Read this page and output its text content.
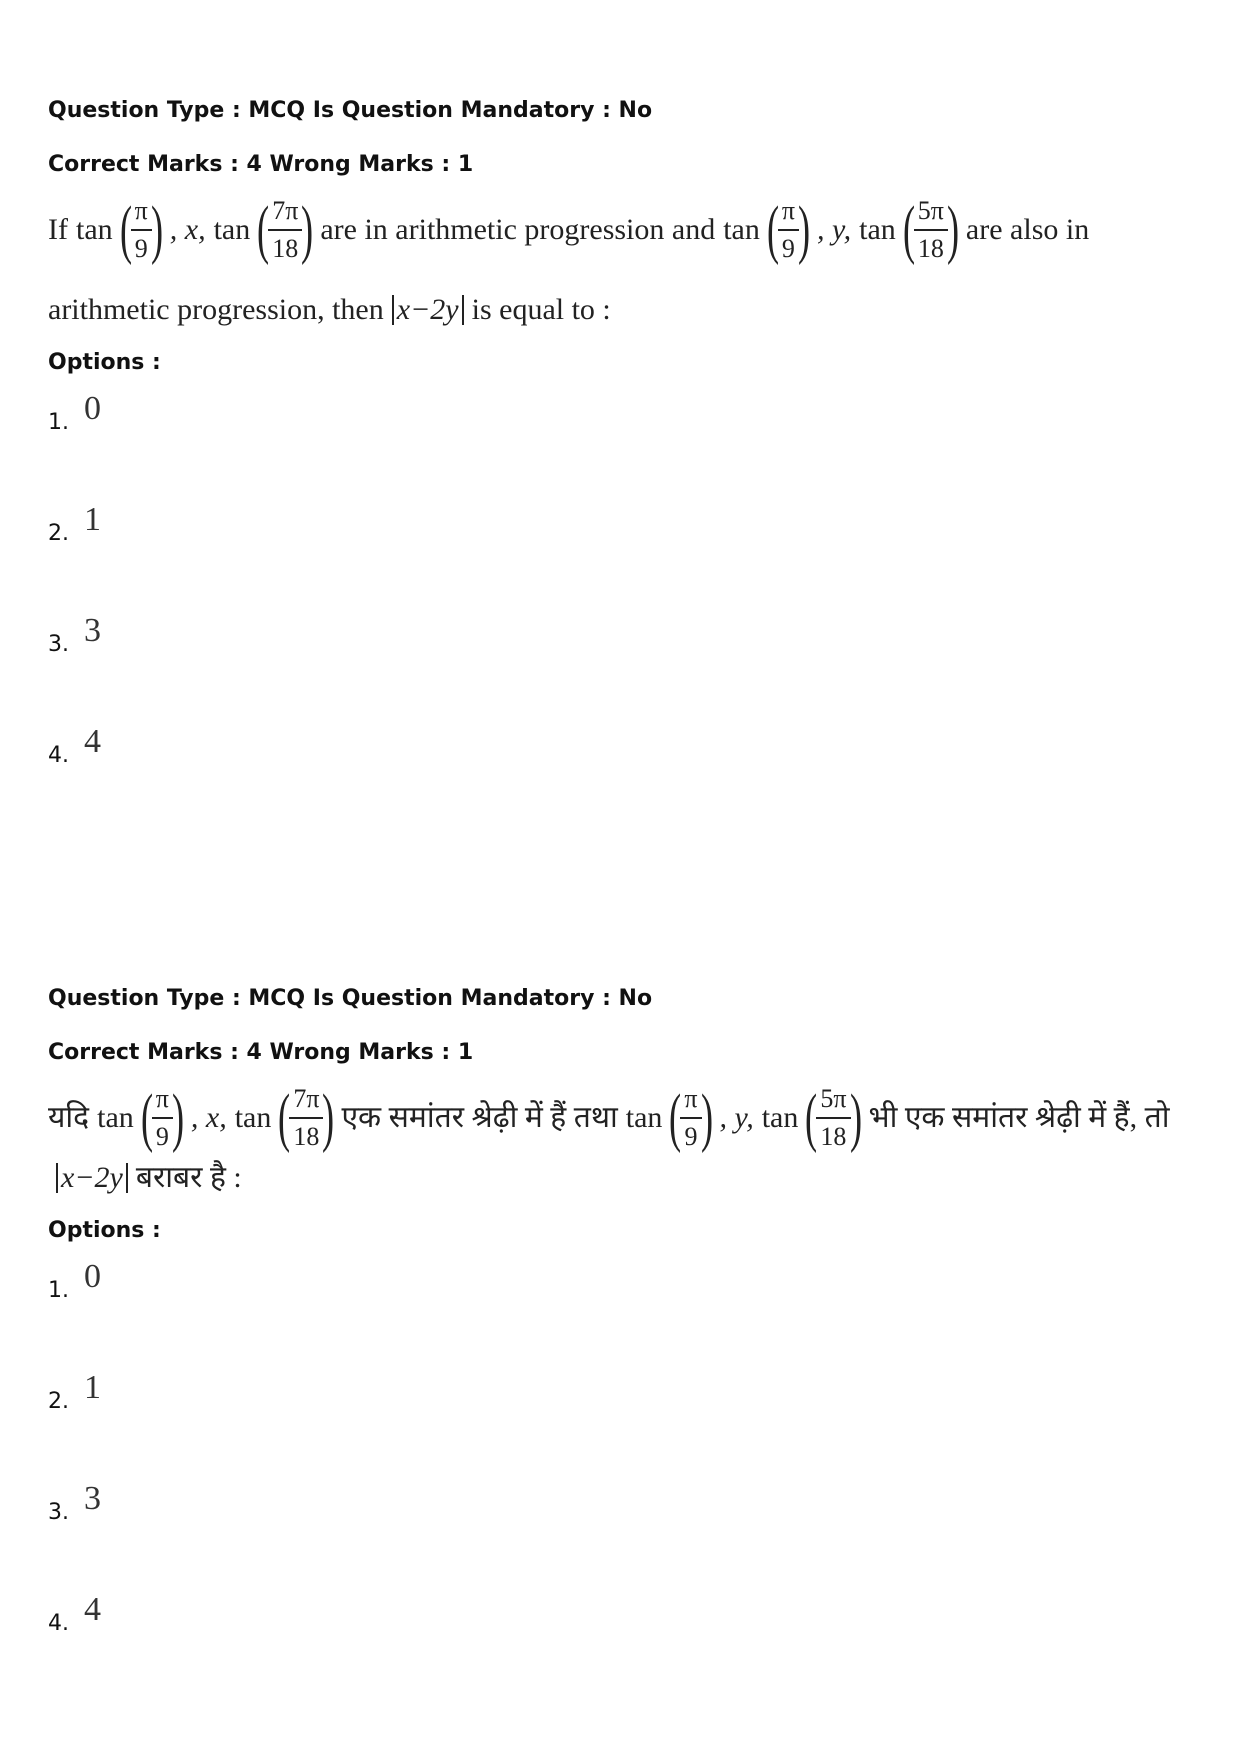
Question Type : MCQ Is Question Mandatory : No

Correct Marks : 4 Wrong Marks : 1

If tan (
$\frac{\pi}{9}$
) , x, tan (
$\frac{7\pi}{18}$
) are in arithmetic progression and tan (
$\frac{\pi}{9}$
) , y, tan (
$\frac{5\pi}{18}$
) are also in
arithmetic progression, then x−2y is equal to :
Options :
1. 0
2. 1
3. 3
4. 4

Question Type : MCQ Is Question Mandatory : No

Correct Marks : 4 Wrong Marks : 1

यदि tan (
$\frac{\pi}{9}$
) , x, tan (
$\frac{7\pi}{18}$
) एक समांतर श्रेढ़ी में हैं तथा tan (
$\frac{\pi}{9}$
) , y, tan (
$\frac{5\pi}{18}$
) भी एक समांतर श्रेढ़ी में हैं, तो
x−2y बराबर है :
Options :
1. 0
2. 1
3. 3
4. 4
